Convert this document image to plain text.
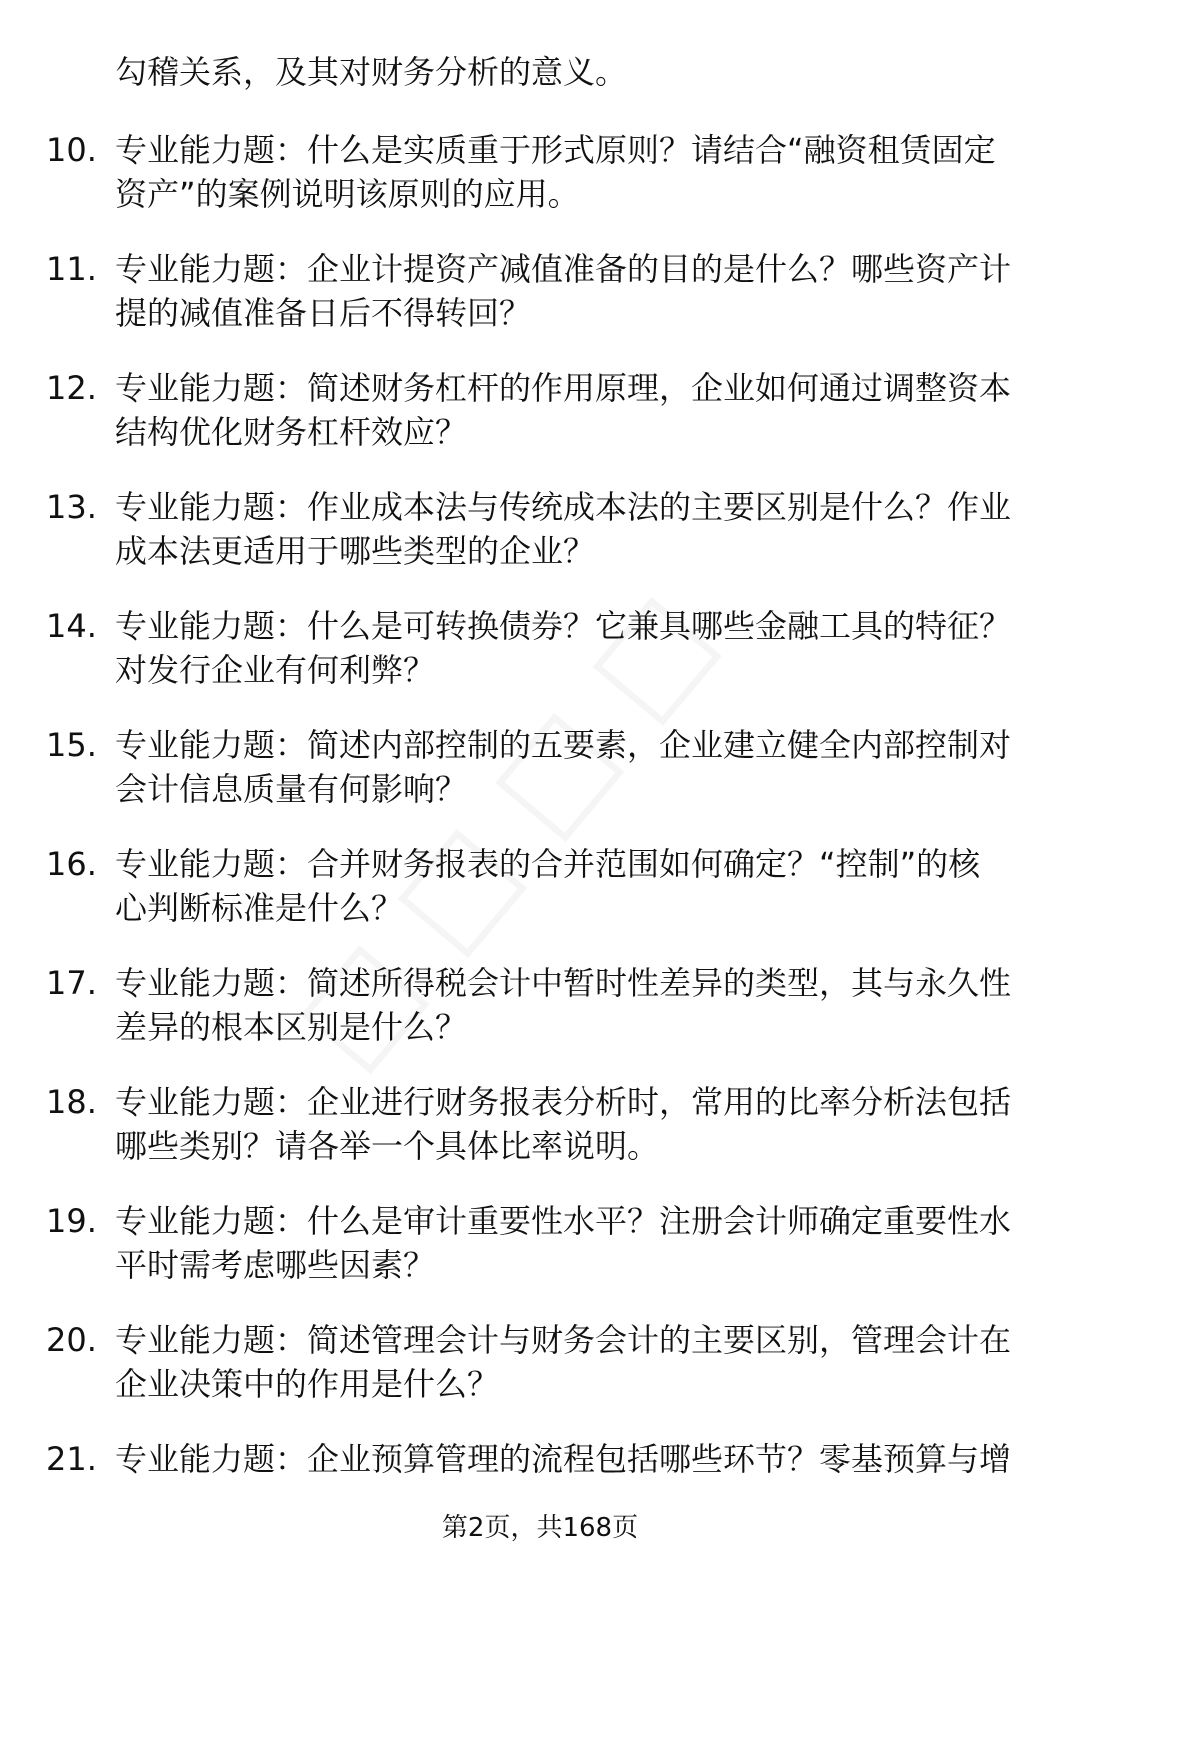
勾稽关系，及其对财务分析的意义。
10. 专业能力题：什么是实质重于形式原则？请结合“融资租赁固定
资产”的案例说明该原则的应用。
11. 专业能力题：企业计提资产减值准备的目的是什么？哪些资产计
提的减值准备日后不得转回？
12. 专业能力题：简述财务杠杆的作用原理，企业如何通过调整资本
结构优化财务杠杆效应？
13. 专业能力题：作业成本法与传统成本法的主要区别是什么？作业
成本法更适用于哪些类型的企业？
14. 专业能力题：什么是可转换债券？它兼具哪些金融工具的特征？
对发行企业有何利弊？
15. 专业能力题：简述内部控制的五要素，企业建立健全内部控制对
会计信息质量有何影响？
16. 专业能力题：合并财务报表的合并范围如何确定？“控制”的核
心判断标准是什么？
17. 专业能力题：简述所得税会计中暂时性差异的类型，其与永久性
差异的根本区别是什么？
18. 专业能力题：企业进行财务报表分析时，常用的比率分析法包括
哪些类别？请各举一个具体比率说明。
19. 专业能力题：什么是审计重要性水平？注册会计师确定重要性水
平时需考虑哪些因素？
20. 专业能力题：简述管理会计与财务会计的主要区别，管理会计在
企业决策中的作用是什么？
21. 专业能力题：企业预算管理的流程包括哪些环节？零基预算与增
第2页，共168页
